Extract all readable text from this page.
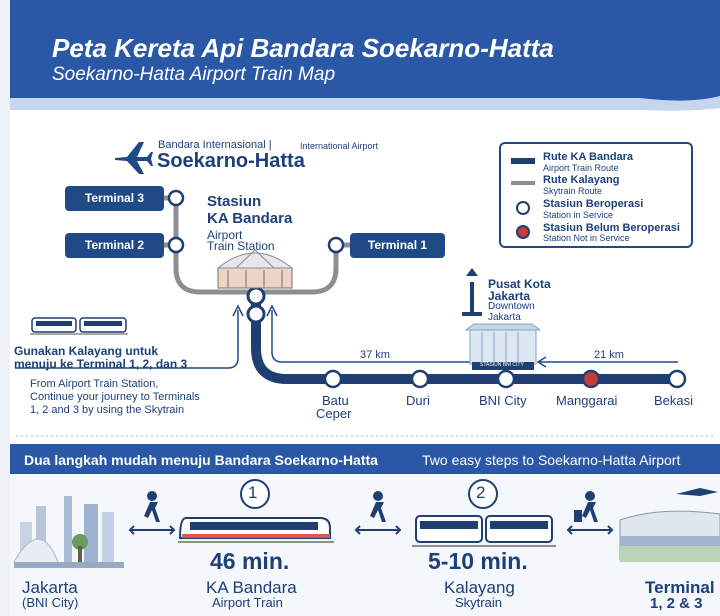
Peta Kereta Api Bandara Soekarno-Hatta
Soekarno-Hatta Airport Train Map
Bandara Internasional |	International Airport
Soekarno-Hatta
Terminal 3
Terminal 2	Terminal 1
Stasiun
KA Bandara
Airport
Train Station
Pusat Kota
Jakarta
Downtown
Jakarta
STASIUN BNI CITY
Rute KA Bandara
Airport Train Route
Rute Kalayang
Skytrain Route
Stasiun Beroperasi
Station in Service
Stasiun Belum Beroperasi
Station Not in Service
Gunakan Kalayang untuk
menuju ke Terminal 1, 2, dan 3
From Airport Train Station,
Continue your journey to Terminals
1, 2 and 3 by using the Skytrain
37 km	21 km
Batu
Ceper
Duri	BNI City Manggarai	Bekasi
Dua langkah mudah menuju Bandara Soekarno-Hatta	Two easy steps to Soekarno-Hatta Airport
1	2
46 min.	5-10 min.
Jakarta
(BNI City)
KA Bandara
Airport Train
Kalayang
Skytrain
Terminal
1, 2 & 3
